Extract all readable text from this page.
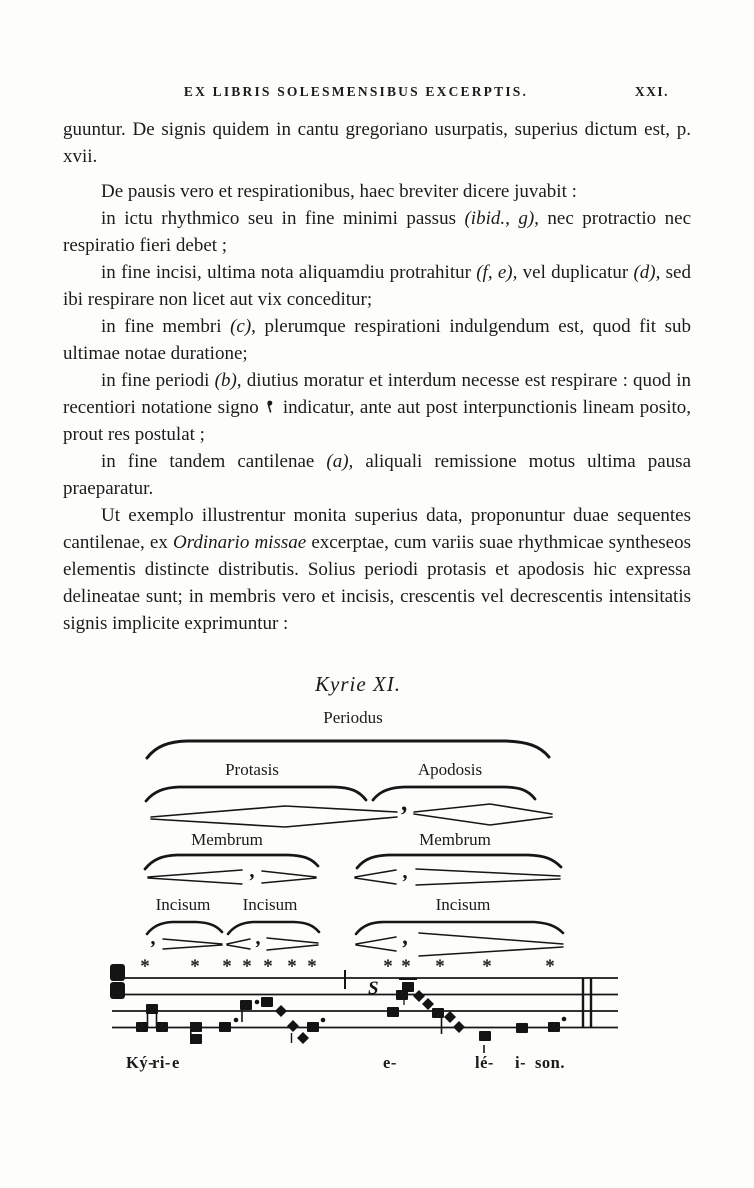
EX LIBRIS SOLESMENSIBUS EXCERPTIS.	XXI.

guuntur. De signis quidem in cantu gregoriano usurpatis, superius dictum est, p. xvii.

De pausis vero et respirationibus, haec breviter dicere juvabit :

in ictu rhythmico seu in fine minimi passus (ibid., g), nec protractio nec respiratio fieri debet ;

in fine incisi, ultima nota aliquamdiu protrahitur (f, e), vel duplicatur (d), sed ibi respirare non licet aut vix conceditur;

in fine membri (c), plerumque respirationi indulgendum est, quod fit sub ultimae notae duratione;

in fine periodi (b), diutius moratur et interdum necesse est respirare : quod in recentiori notatione signo
indicatur, ante aut post interpunctionis lineam posito, prout res postulat ;

in fine tandem cantilenae (a), aliquali remissione motus ultima pausa praeparatur.

Ut exemplo illustrentur monita superius data, proponuntur duae sequentes cantilenae, ex Ordinario missae excerptae, cum variis suae rhythmicae syntheseos elementis distincte distributis. Solius periodi protasis et apodosis hic expressa delineatae sunt; in membris vero et incisis, crescentis vel decrescentis intensitatis signis implicite exprimuntur :

Kyrie XI.
Periodus
Protasis	Apodosis
Membrum	Membrum
Incisum Incisum	Incisum
’
’	’
’	’	’
S
* * * * * * *	* * * *	*
Ký-
ri- e	e-	lé- i- son.
